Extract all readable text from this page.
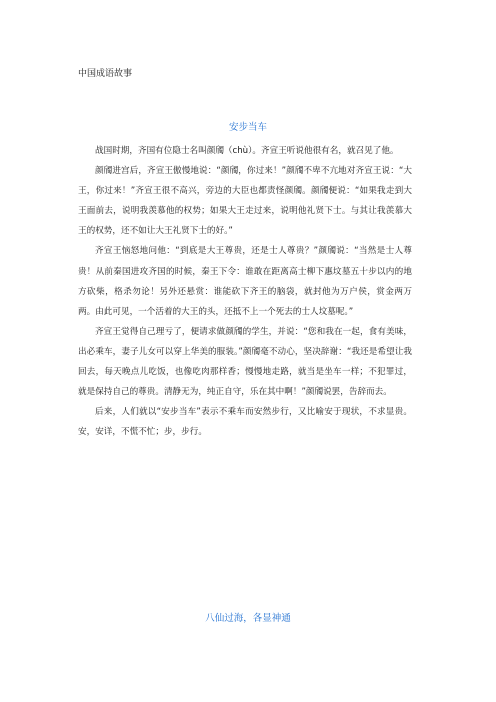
中国成语故事
安步当车

战国时期，齐国有位隐士名叫颜斶（chù）。齐宣王听说他很有名，就召见了他。

颜斶进宫后，齐宣王傲慢地说：“颜斶，你过来！”颜斶不卑不亢地对齐宣王说：“大王，你过来！”齐宣王很不高兴，旁边的大臣也都责怪颜斶。颜斶便说：“如果我走到大王面前去，说明我羡慕他的权势；如果大王走过来，说明他礼贤下士。与其让我羡慕大王的权势，还不如让大王礼贤下士的好。”

齐宣王恼怒地问他：“到底是大王尊贵，还是士人尊贵？”颜斶说：“当然是士人尊贵！从前秦国进攻齐国的时候，秦王下令：谁敢在距离高士柳下惠坟墓五十步以内的地方砍柴，格杀勿论！另外还悬赏：谁能砍下齐王的脑袋，就封他为万户侯，赏金两万两。由此可见，一个活着的大王的头，还抵不上一个死去的士人坟墓呢。”

齐宣王觉得自己理亏了，便请求做颜斶的学生，并说：“您和我在一起，食有美味，出必乘车，妻子儿女可以穿上华美的服装。”颜斶毫不动心，坚决辞谢：“我还是希望让我回去，每天晚点儿吃饭，也像吃肉那样香；慢慢地走路，就当是坐车一样；不犯罪过，就是保持自己的尊贵。清静无为，纯正自守，乐在其中啊！”颜斶说罢，告辞而去。

后来，人们就以“安步当车”表示不乘车而安然步行，又比喻安于现状，不求显贵。安，安详，不慌不忙；步，步行。

八仙过海，各显神通
